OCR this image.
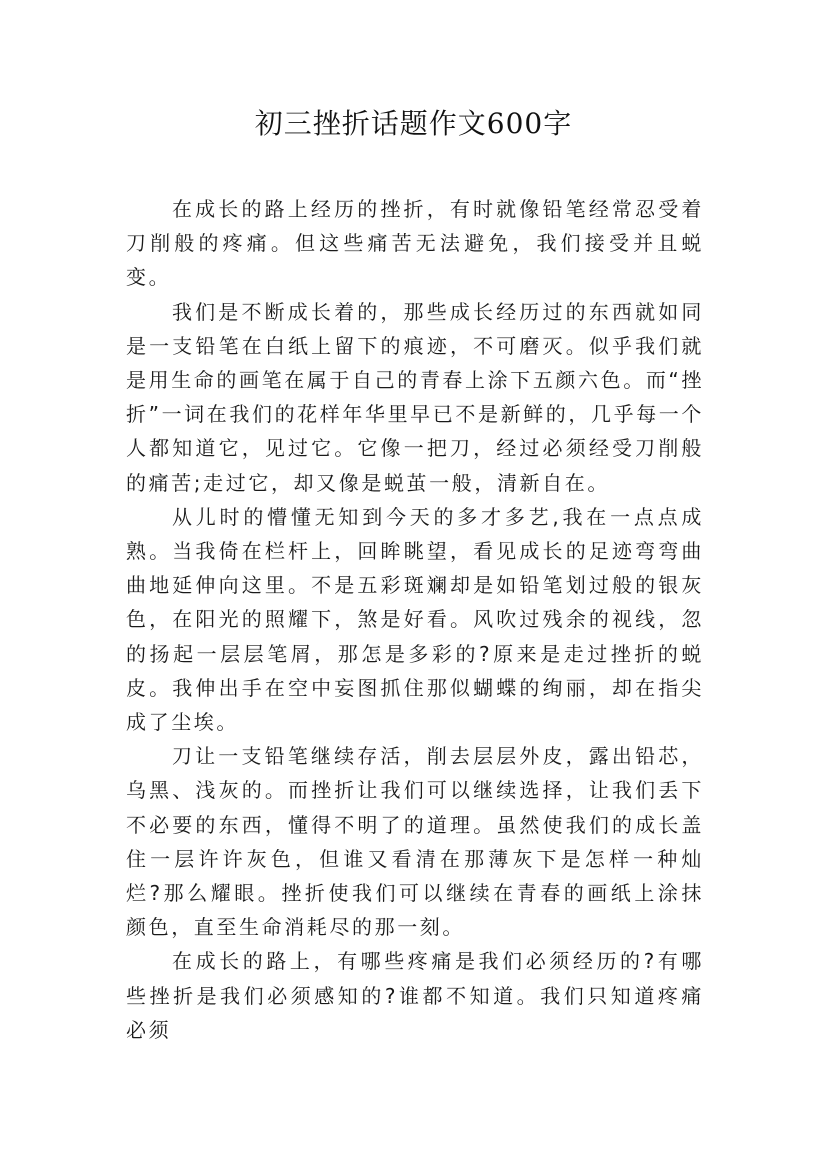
初三挫折话题作文600字

在成长的路上经历的挫折，有时就像铅笔经常忍受着刀削般的疼痛。但这些痛苦无法避免，我们接受并且蜕变。

我们是不断成长着的，那些成长经历过的东西就如同是一支铅笔在白纸上留下的痕迹，不可磨灭。似乎我们就是用生命的画笔在属于自己的青春上涂下五颜六色。而“挫折”一词在我们的花样年华里早已不是新鲜的，几乎每一个人都知道它，见过它。它像一把刀，经过必须经受刀削般的痛苦;走过它，却又像是蜕茧一般，清新自在。

从儿时的懵懂无知到今天的多才多艺,我在一点点成熟。当我倚在栏杆上，回眸眺望，看见成长的足迹弯弯曲曲地延伸向这里。不是五彩斑斓却是如铅笔划过般的银灰色，在阳光的照耀下，煞是好看。风吹过残余的视线，忽的扬起一层层笔屑，那怎是多彩的?原来是走过挫折的蜕皮。我伸出手在空中妄图抓住那似蝴蝶的绚丽，却在指尖成了尘埃。

刀让一支铅笔继续存活，削去层层外皮，露出铅芯，乌黑、浅灰的。而挫折让我们可以继续选择，让我们丢下不必要的东西，懂得不明了的道理。虽然使我们的成长盖住一层许许灰色，但谁又看清在那薄灰下是怎样一种灿烂?那么耀眼。挫折使我们可以继续在青春的画纸上涂抹颜色，直至生命消耗尽的那一刻。

在成长的路上，有哪些疼痛是我们必须经历的?有哪些挫折是我们必须感知的?谁都不知道。我们只知道疼痛必须
